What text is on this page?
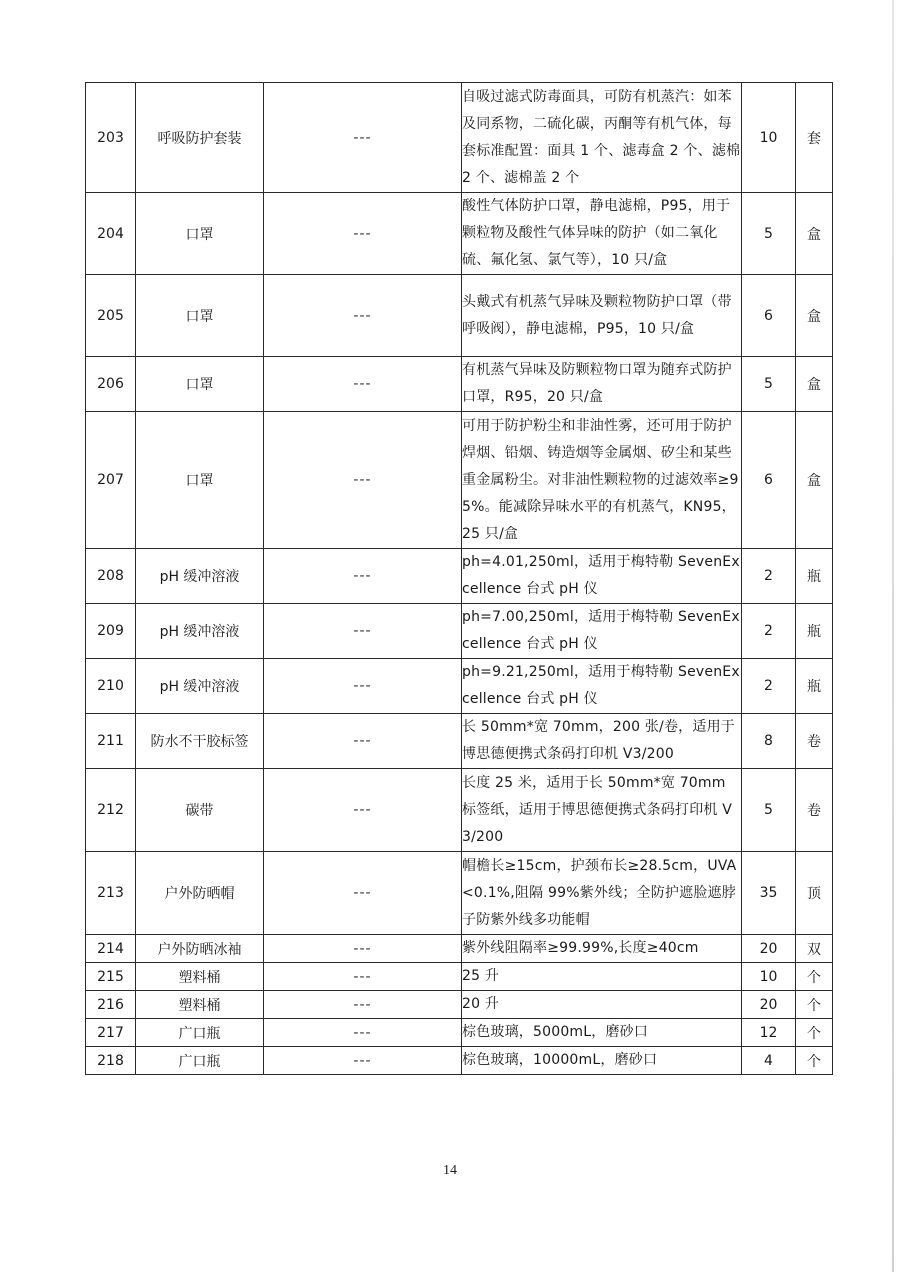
203	呼吸防护套装	---	自吸过滤式防毒面具，可防有机蒸汽：如苯及同系物，二硫化碳，丙酮等有机气体，每套标准配置：面具 1 个、滤毒盒 2 个、滤棉 2 个、滤棉盖 2 个	10	套
204	口罩	---	酸性气体防护口罩，静电滤棉，P95，用于颗粒物及酸性气体异味的防护（如二氧化硫、氟化氢、氯气等），10 只/盒	5	盒
205	口罩	---	头戴式有机蒸气异味及颗粒物防护口罩（带呼吸阀），静电滤棉，P95，10 只/盒	6	盒
206	口罩	---	有机蒸气异味及防颗粒物口罩为随弃式防护口罩，R95，20 只/盒	5	盒
207	口罩	---	可用于防护粉尘和非油性雾，还可用于防护焊烟、铅烟、铸造烟等金属烟、矽尘和某些重金属粉尘。对非油性颗粒物的过滤效率≥95%。能减除异味水平的有机蒸气，KN95，25 只/盒	6	盒
208	pH 缓冲溶液	---	ph=4.01,250ml，适用于梅特勒 SevenExcellence 台式 pH 仪	2	瓶
209	pH 缓冲溶液	---	ph=7.00,250ml，适用于梅特勒 SevenExcellence 台式 pH 仪	2	瓶
210	pH 缓冲溶液	---	ph=9.21,250ml，适用于梅特勒 SevenExcellence 台式 pH 仪	2	瓶
211	防水不干胶标签	---	长 50mm*宽 70mm，200 张/卷，适用于博思德便携式条码打印机 V3/200	8	卷
212	碳带	---	长度 25 米，适用于长 50mm*宽 70mm 标签纸，适用于博思德便携式条码打印机 V3/200	5	卷
213	户外防晒帽	---	帽檐长≥15cm，护颈布长≥28.5cm，UVA<0.1%,阻隔 99%紫外线；全防护遮脸遮脖子防紫外线多功能帽	35	顶
214	户外防晒冰袖	---	紫外线阻隔率≥99.99%,长度≥40cm	20	双
215	塑料桶	---	25 升	10	个
216	塑料桶	---	20 升	20	个
217	广口瓶	---	棕色玻璃，5000mL，磨砂口	12	个
218	广口瓶	---	棕色玻璃，10000mL，磨砂口	4	个
14
